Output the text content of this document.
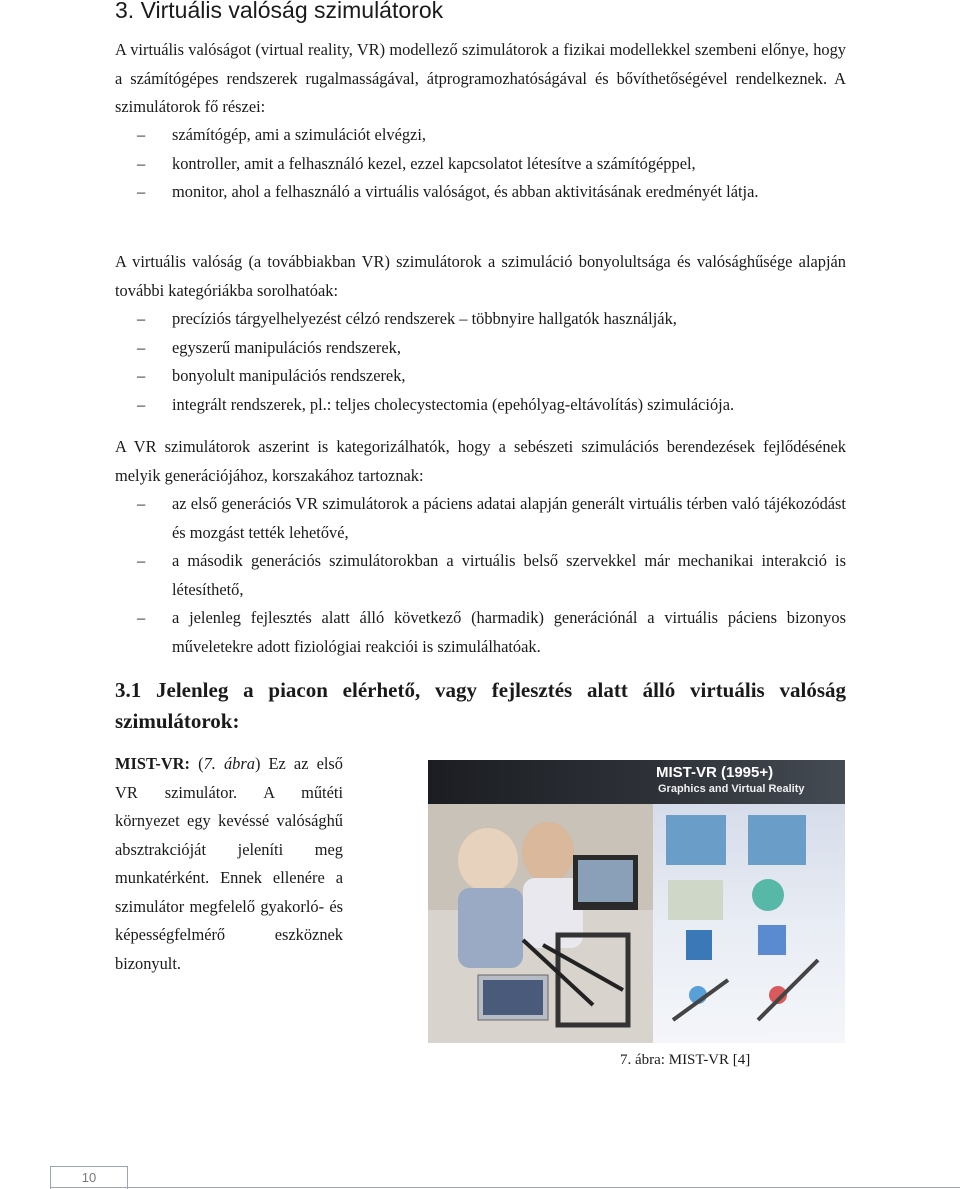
3. Virtuális valóság szimulátorok

A virtuális valóságot (virtual reality, VR) modellező szimulátorok a fizikai modellekkel szembeni előnye, hogy a számítógépes rendszerek rugalmasságával, átprogramozhatóságával és bővíthetőségével rendelkeznek. A szimulátorok fő részei:

– számítógép, ami a szimulációt elvégzi,
– kontroller, amit a felhasználó kezel, ezzel kapcsolatot létesítve a számítógéppel,
– monitor, ahol a felhasználó a virtuális valóságot, és abban aktivitásának eredményét látja.

A virtuális valóság (a továbbiakban VR) szimulátorok a szimuláció bonyolultsága és valósághűsége alapján további kategóriákba sorolhatóak:

– precíziós tárgyelhelyezést célzó rendszerek – többnyire hallgatók használják,
– egyszerű manipulációs rendszerek,
– bonyolult manipulációs rendszerek,
– integrált rendszerek, pl.: teljes cholecystectomia (epehólyag-eltávolítás) szimulációja.

A VR szimulátorok aszerint is kategorizálhatók, hogy a sebészeti szimulációs berendezések fejlődésének melyik generációjához, korszakához tartoznak:

– az első generációs VR szimulátorok a páciens adatai alapján generált virtuális térben való tájékozódást és mozgást tették lehetővé,
– a második generációs szimulátorokban a virtuális belső szervekkel már mechanikai interakció is létesíthető,
– a jelenleg fejlesztés alatt álló következő (harmadik) generációnál a virtuális páciens bizonyos műveletekre adott fiziológiai reakciói is szimulálhatóak.
3.1 Jelenleg a piacon elérhető, vagy fejlesztés alatt álló virtuális valóság szimulátorok:

MIST-VR: (7. ábra) Ez az első VR szimulátor. A műtéti környezet egy kevéssé valósághű absztrakcióját jeleníti meg munkatérként. Ennek ellenére a szimulátor megfelelő gyakorló- és képességfelmérő eszköznek bizonyult.

MIST-VR (1995+)
Graphics and Virtual Reality
7. ábra: MIST-VR [4]
10
